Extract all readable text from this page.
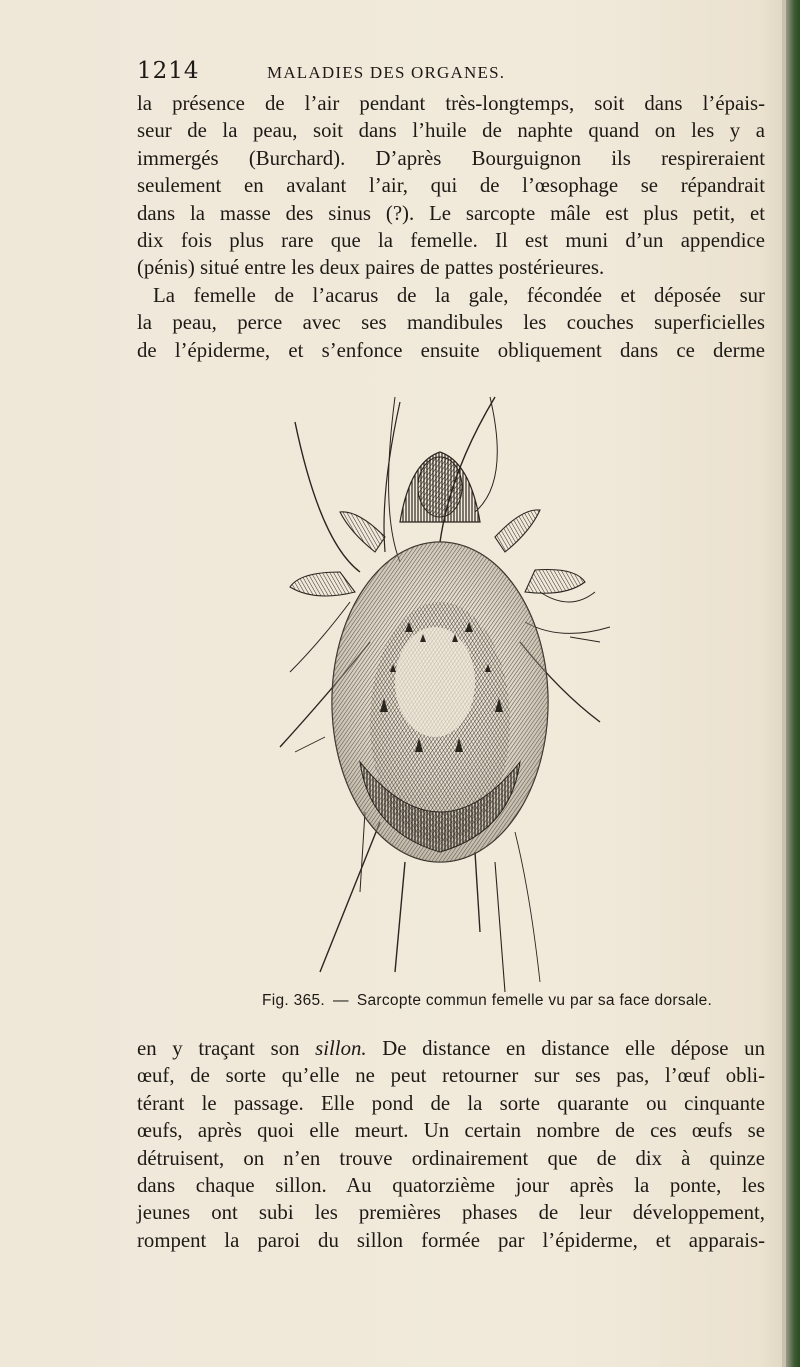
1214	MALADIES DES ORGANES.
la présence de l’air pendant très-longtemps, soit dans l’épais-
seur de la peau, soit dans l’huile de naphte quand on les y a
immergés (Burchard). D’après Bourguignon ils respireraient
seulement en avalant l’air, qui de l’œsophage se répandrait
dans la masse des sinus (?). Le sarcopte mâle est plus petit, et
dix fois plus rare que la femelle. Il est muni d’un appendice
(pénis) situé entre les deux paires de pattes postérieures.
La femelle de l’acarus de la gale, fécondée et déposée sur
la peau, perce avec ses mandibules les couches superficielles
de l’épiderme, et s’enfonce ensuite obliquement dans ce derme
Fig. 365. — Sarcopte commun femelle vu par sa face dorsale.
en y traçant son sillon. De distance en distance elle dépose un
œuf, de sorte qu’elle ne peut retourner sur ses pas, l’œuf obli-
térant le passage. Elle pond de la sorte quarante ou cinquante
œufs, après quoi elle meurt. Un certain nombre de ces œufs se
détruisent, on n’en trouve ordinairement que de dix à quinze
dans chaque sillon. Au quatorzième jour après la ponte, les
jeunes ont subi les premières phases de leur développement,
rompent la paroi du sillon formée par l’épiderme, et apparais-
